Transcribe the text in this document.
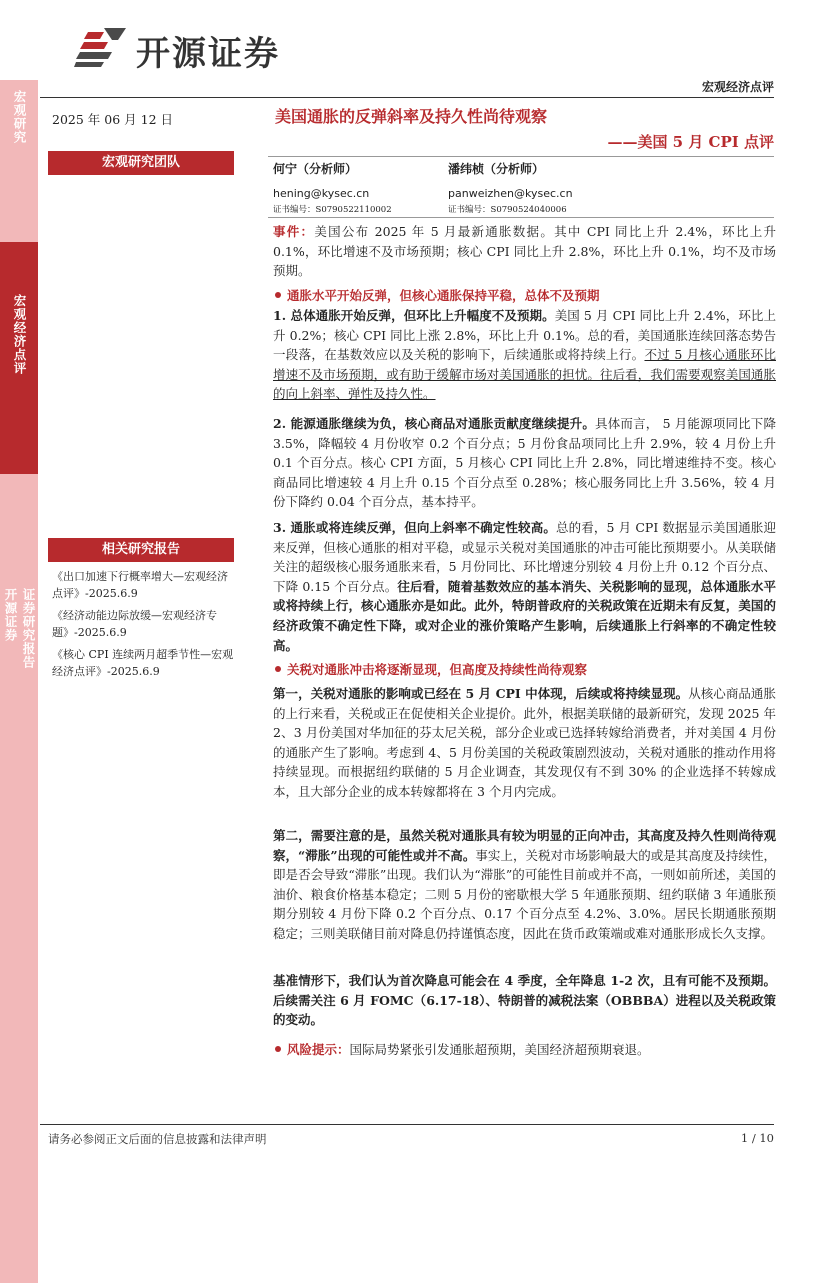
开源证券
宏观经济点评
宏观研究
宏观经济点评
开源证券 证券研究报告
2025 年 06 月 12 日
宏观研究团队
相关研究报告
《出口加速下行概率增大—宏观经济点评》-2025.6.9
《经济动能边际放缓—宏观经济专题》-2025.6.9
《核心 CPI 连续两月超季节性—宏观经济点评》-2025.6.9
美国通胀的反弹斜率及持久性尚待观察
——美国 5 月 CPI 点评
何宁（分析师）
hening@kysec.cn
证书编号：S0790522110002
潘纬桢（分析师）
panweizhen@kysec.cn
证书编号：S0790524040006

事件：美国公布 2025 年 5 月最新通胀数据。其中 CPI 同比上升 2.4%，环比上升 0.1%，环比增速不及市场预期；核心 CPI 同比上升 2.8%，环比上升 0.1%，均不及市场预期。

通胀水平开始反弹，但核心通胀保持平稳，总体不及预期

1. 总体通胀开始反弹，但环比上升幅度不及预期。美国 5 月 CPI 同比上升 2.4%，环比上升 0.2%；核心 CPI 同比上涨 2.8%，环比上升 0.1%。总的看，美国通胀连续回落态势告一段落，在基数效应以及关税的影响下，后续通胀或将持续上行。不过 5 月核心通胀环比增速不及市场预期，或有助于缓解市场对美国通胀的担忧。往后看，我们需要观察美国通胀的向上斜率、弹性及持久性。

2. 能源通胀继续为负，核心商品对通胀贡献度继续提升。具体而言， 5 月能源项同比下降 3.5%，降幅较 4 月份收窄 0.2 个百分点；5 月份食品项同比上升 2.9%，较 4 月份上升 0.1 个百分点。核心 CPI 方面，5 月核心 CPI 同比上升 2.8%，同比增速维持不变。核心商品同比增速较 4 月上升 0.15 个百分点至 0.28%；核心服务同比上升 3.56%，较 4 月份下降约 0.04 个百分点，基本持平。

3. 通胀或将连续反弹，但向上斜率不确定性较高。总的看，5 月 CPI 数据显示美国通胀迎来反弹，但核心通胀的相对平稳，或显示关税对美国通胀的冲击可能比预期要小。从美联储关注的超级核心服务通胀来看，5 月份同比、环比增速分别较 4 月份上升 0.12 个百分点、下降 0.15 个百分点。往后看，随着基数效应的基本消失、关税影响的显现，总体通胀水平或将持续上行，核心通胀亦是如此。此外，特朗普政府的关税政策在近期未有反复，美国的经济政策不确定性下降，或对企业的涨价策略产生影响，后续通胀上行斜率的不确定性较高。

关税对通胀冲击将逐渐显现，但高度及持续性尚待观察

第一，关税对通胀的影响或已经在 5 月 CPI 中体现，后续或将持续显现。从核心商品通胀的上行来看，关税或正在促使相关企业提价。此外，根据美联储的最新研究，发现 2025 年 2、3 月份美国对华加征的芬太尼关税，部分企业或已选择转嫁给消费者，并对美国 4 月份的通胀产生了影响。考虑到 4、5 月份美国的关税政策剧烈波动，关税对通胀的推动作用将持续显现。而根据纽约联储的 5 月企业调查，其发现仅有不到 30% 的企业选择不转嫁成本，且大部分企业的成本转嫁都将在 3 个月内完成。

第二，需要注意的是，虽然关税对通胀具有较为明显的正向冲击，其高度及持久性则尚待观察，“滞胀”出现的可能性或并不高。事实上，关税对市场影响最大的或是其高度及持续性，即是否会导致“滞胀”出现。我们认为“滞胀”的可能性目前或并不高，一则如前所述，美国的油价、粮食价格基本稳定；二则 5 月份的密歇根大学 5 年通胀预期、纽约联储 3 年通胀预期分别较 4 月份下降 0.2 个百分点、0.17 个百分点至 4.2%、3.0%。居民长期通胀预期稳定；三则美联储目前对降息仍持谨慎态度，因此在货币政策端或难对通胀形成长久支撑。

基准情形下，我们认为首次降息可能会在 4 季度，全年降息 1-2 次，且有可能不及预期。后续需关注 6 月 FOMC（6.17-18）、特朗普的减税法案（OBBBA）进程以及关税政策的变动。

风险提示：国际局势紧张引发通胀超预期，美国经济超预期衰退。

请务必参阅正文后面的信息披露和法律声明	1 / 10
